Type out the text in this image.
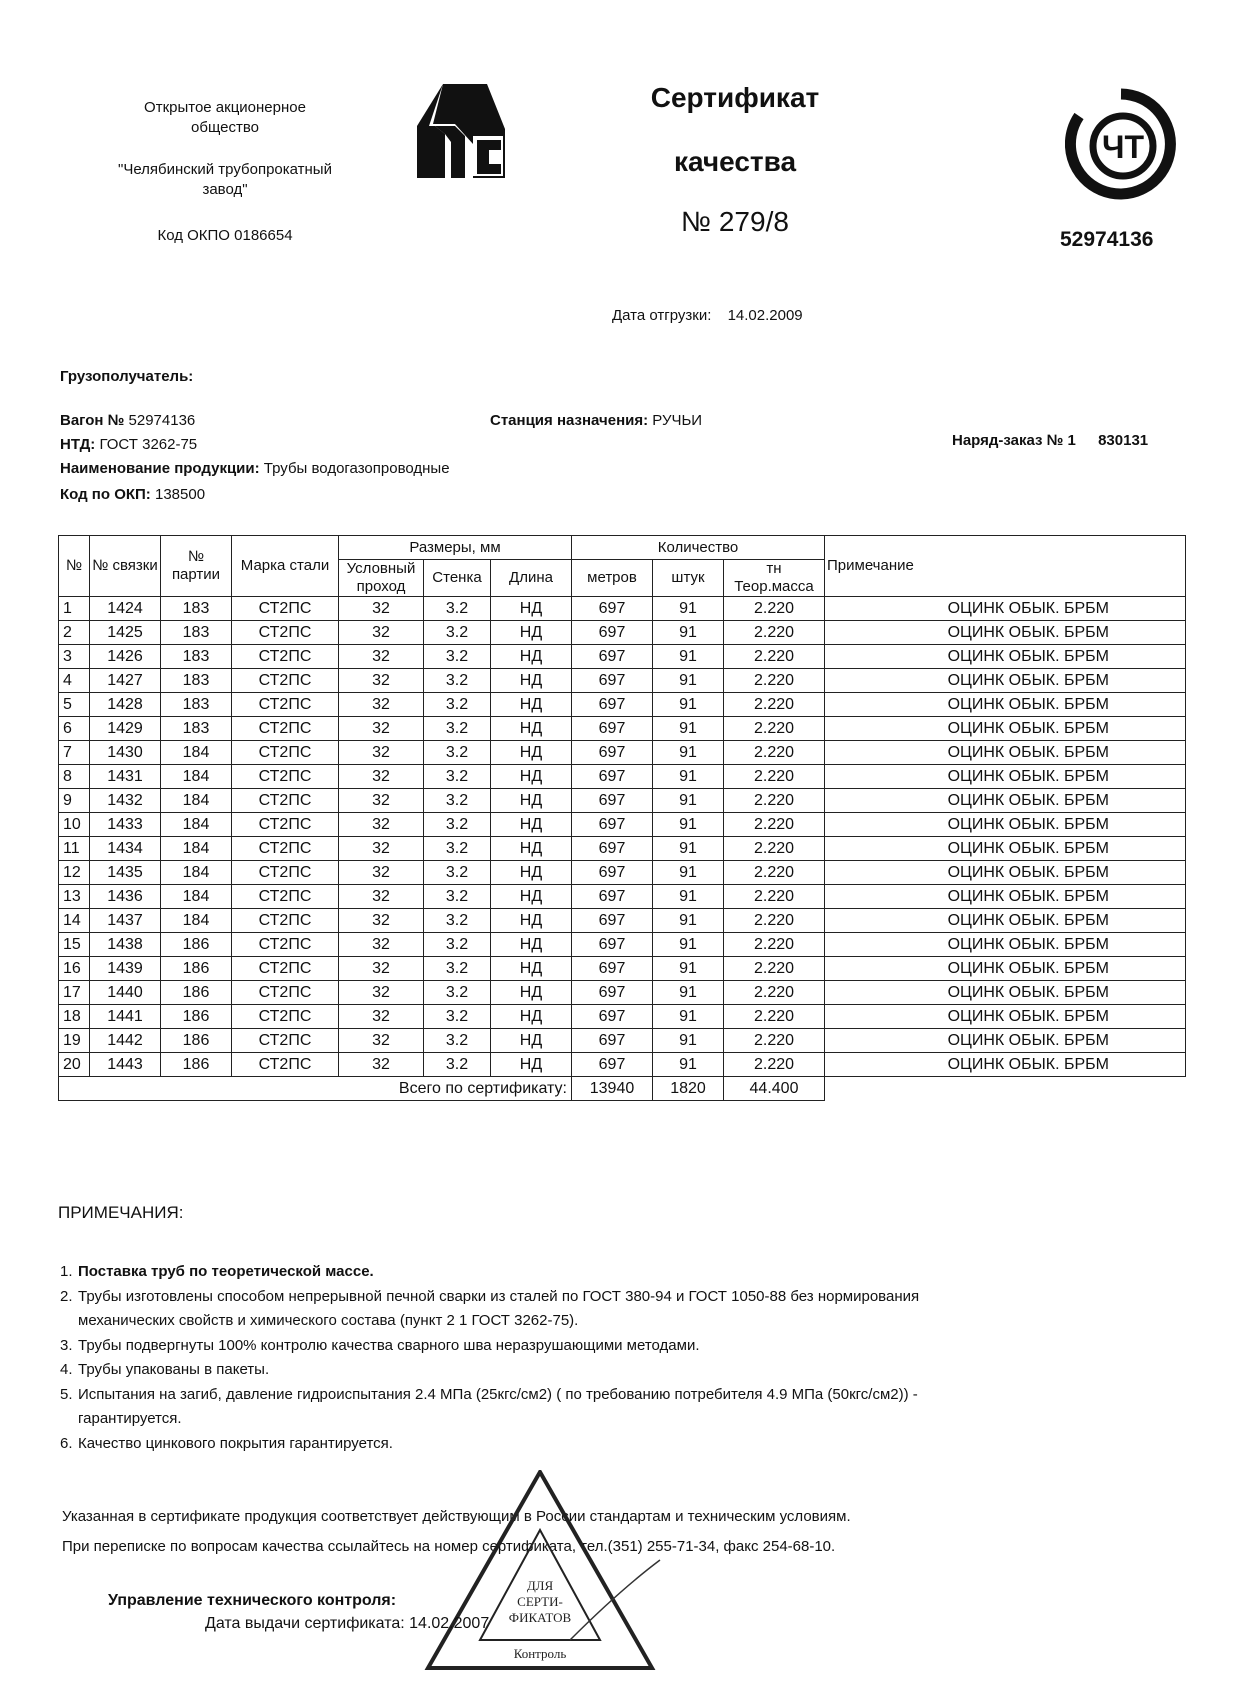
Открытое акционерное
общество
"Челябинский трубопрокатный
завод"
Код ОКПО 0186654
Сертификат
качества
№ 279/8
ЧТ
52974136
Дата отгрузки: 14.02.2009
Грузополучатель:
Вагон № 52974136	Станция назначения: РУЧЬИ
НТД: ГОСТ 3262-75	Наряд-заказ № 1 830131
Наименование продукции: Трубы водогазопроводные
Код по ОКП: 138500
№	№ связки	№ партии	Марка стали	Размеры, мм			Количество			Примечание
				Условный проход	Стенка	Длина	метров	штук	тн Теор.масса	
1	1424	183	СТ2ПС	32	3.2	НД	697	91	2.220	ОЦИНК ОБЫК. БРБМ
2	1425	183	СТ2ПС	32	3.2	НД	697	91	2.220	ОЦИНК ОБЫК. БРБМ
3	1426	183	СТ2ПС	32	3.2	НД	697	91	2.220	ОЦИНК ОБЫК. БРБМ
4	1427	183	СТ2ПС	32	3.2	НД	697	91	2.220	ОЦИНК ОБЫК. БРБМ
5	1428	183	СТ2ПС	32	3.2	НД	697	91	2.220	ОЦИНК ОБЫК. БРБМ
6	1429	183	СТ2ПС	32	3.2	НД	697	91	2.220	ОЦИНК ОБЫК. БРБМ
7	1430	184	СТ2ПС	32	3.2	НД	697	91	2.220	ОЦИНК ОБЫК. БРБМ
8	1431	184	СТ2ПС	32	3.2	НД	697	91	2.220	ОЦИНК ОБЫК. БРБМ
9	1432	184	СТ2ПС	32	3.2	НД	697	91	2.220	ОЦИНК ОБЫК. БРБМ
10	1433	184	СТ2ПС	32	3.2	НД	697	91	2.220	ОЦИНК ОБЫК. БРБМ
11	1434	184	СТ2ПС	32	3.2	НД	697	91	2.220	ОЦИНК ОБЫК. БРБМ
12	1435	184	СТ2ПС	32	3.2	НД	697	91	2.220	ОЦИНК ОБЫК. БРБМ
13	1436	184	СТ2ПС	32	3.2	НД	697	91	2.220	ОЦИНК ОБЫК. БРБМ
14	1437	184	СТ2ПС	32	3.2	НД	697	91	2.220	ОЦИНК ОБЫК. БРБМ
15	1438	186	СТ2ПС	32	3.2	НД	697	91	2.220	ОЦИНК ОБЫК. БРБМ
16	1439	186	СТ2ПС	32	3.2	НД	697	91	2.220	ОЦИНК ОБЫК. БРБМ
17	1440	186	СТ2ПС	32	3.2	НД	697	91	2.220	ОЦИНК ОБЫК. БРБМ
18	1441	186	СТ2ПС	32	3.2	НД	697	91	2.220	ОЦИНК ОБЫК. БРБМ
19	1442	186	СТ2ПС	32	3.2	НД	697	91	2.220	ОЦИНК ОБЫК. БРБМ
20	1443	186	СТ2ПС	32	3.2	НД	697	91	2.220	ОЦИНК ОБЫК. БРБМ
Всего по сертификату:							13940	1820	44.400	
ПРИМЕЧАНИЯ:
1. Поставка труб по теоретической массе.
2. Трубы изготовлены способом непрерывной печной сварки из сталей по ГОСТ 380-94 и ГОСТ 1050-88 без нормирования
механических свойств и химического состава (пункт 2 1 ГОСТ 3262-75).
3. Трубы подвергнуты 100% контролю качества сварного шва неразрушающими методами.
4. Трубы упакованы в пакеты.
5. Испытания на загиб, давление гидроиспытания 2.4 МПа (25кгс/см2) ( по требованию потребителя 4.9 МПа (50кгс/см2)) -
гарантируется.
6. Качество цинкового покрытия гарантируется.
Указанная в сертификате продукция соответствует действующим в России стандартам и техническим условиям.
При переписке по вопросам качества ссылайтесь на номер сертификата, тел.(351) 255-71-34, факс 254-68-10.
ДЛЯ
СЕРТИ-
ФИКАТОВ
Контроль
Управление технического контроля:
Дата выдачи сертификата: 14.02.2007
